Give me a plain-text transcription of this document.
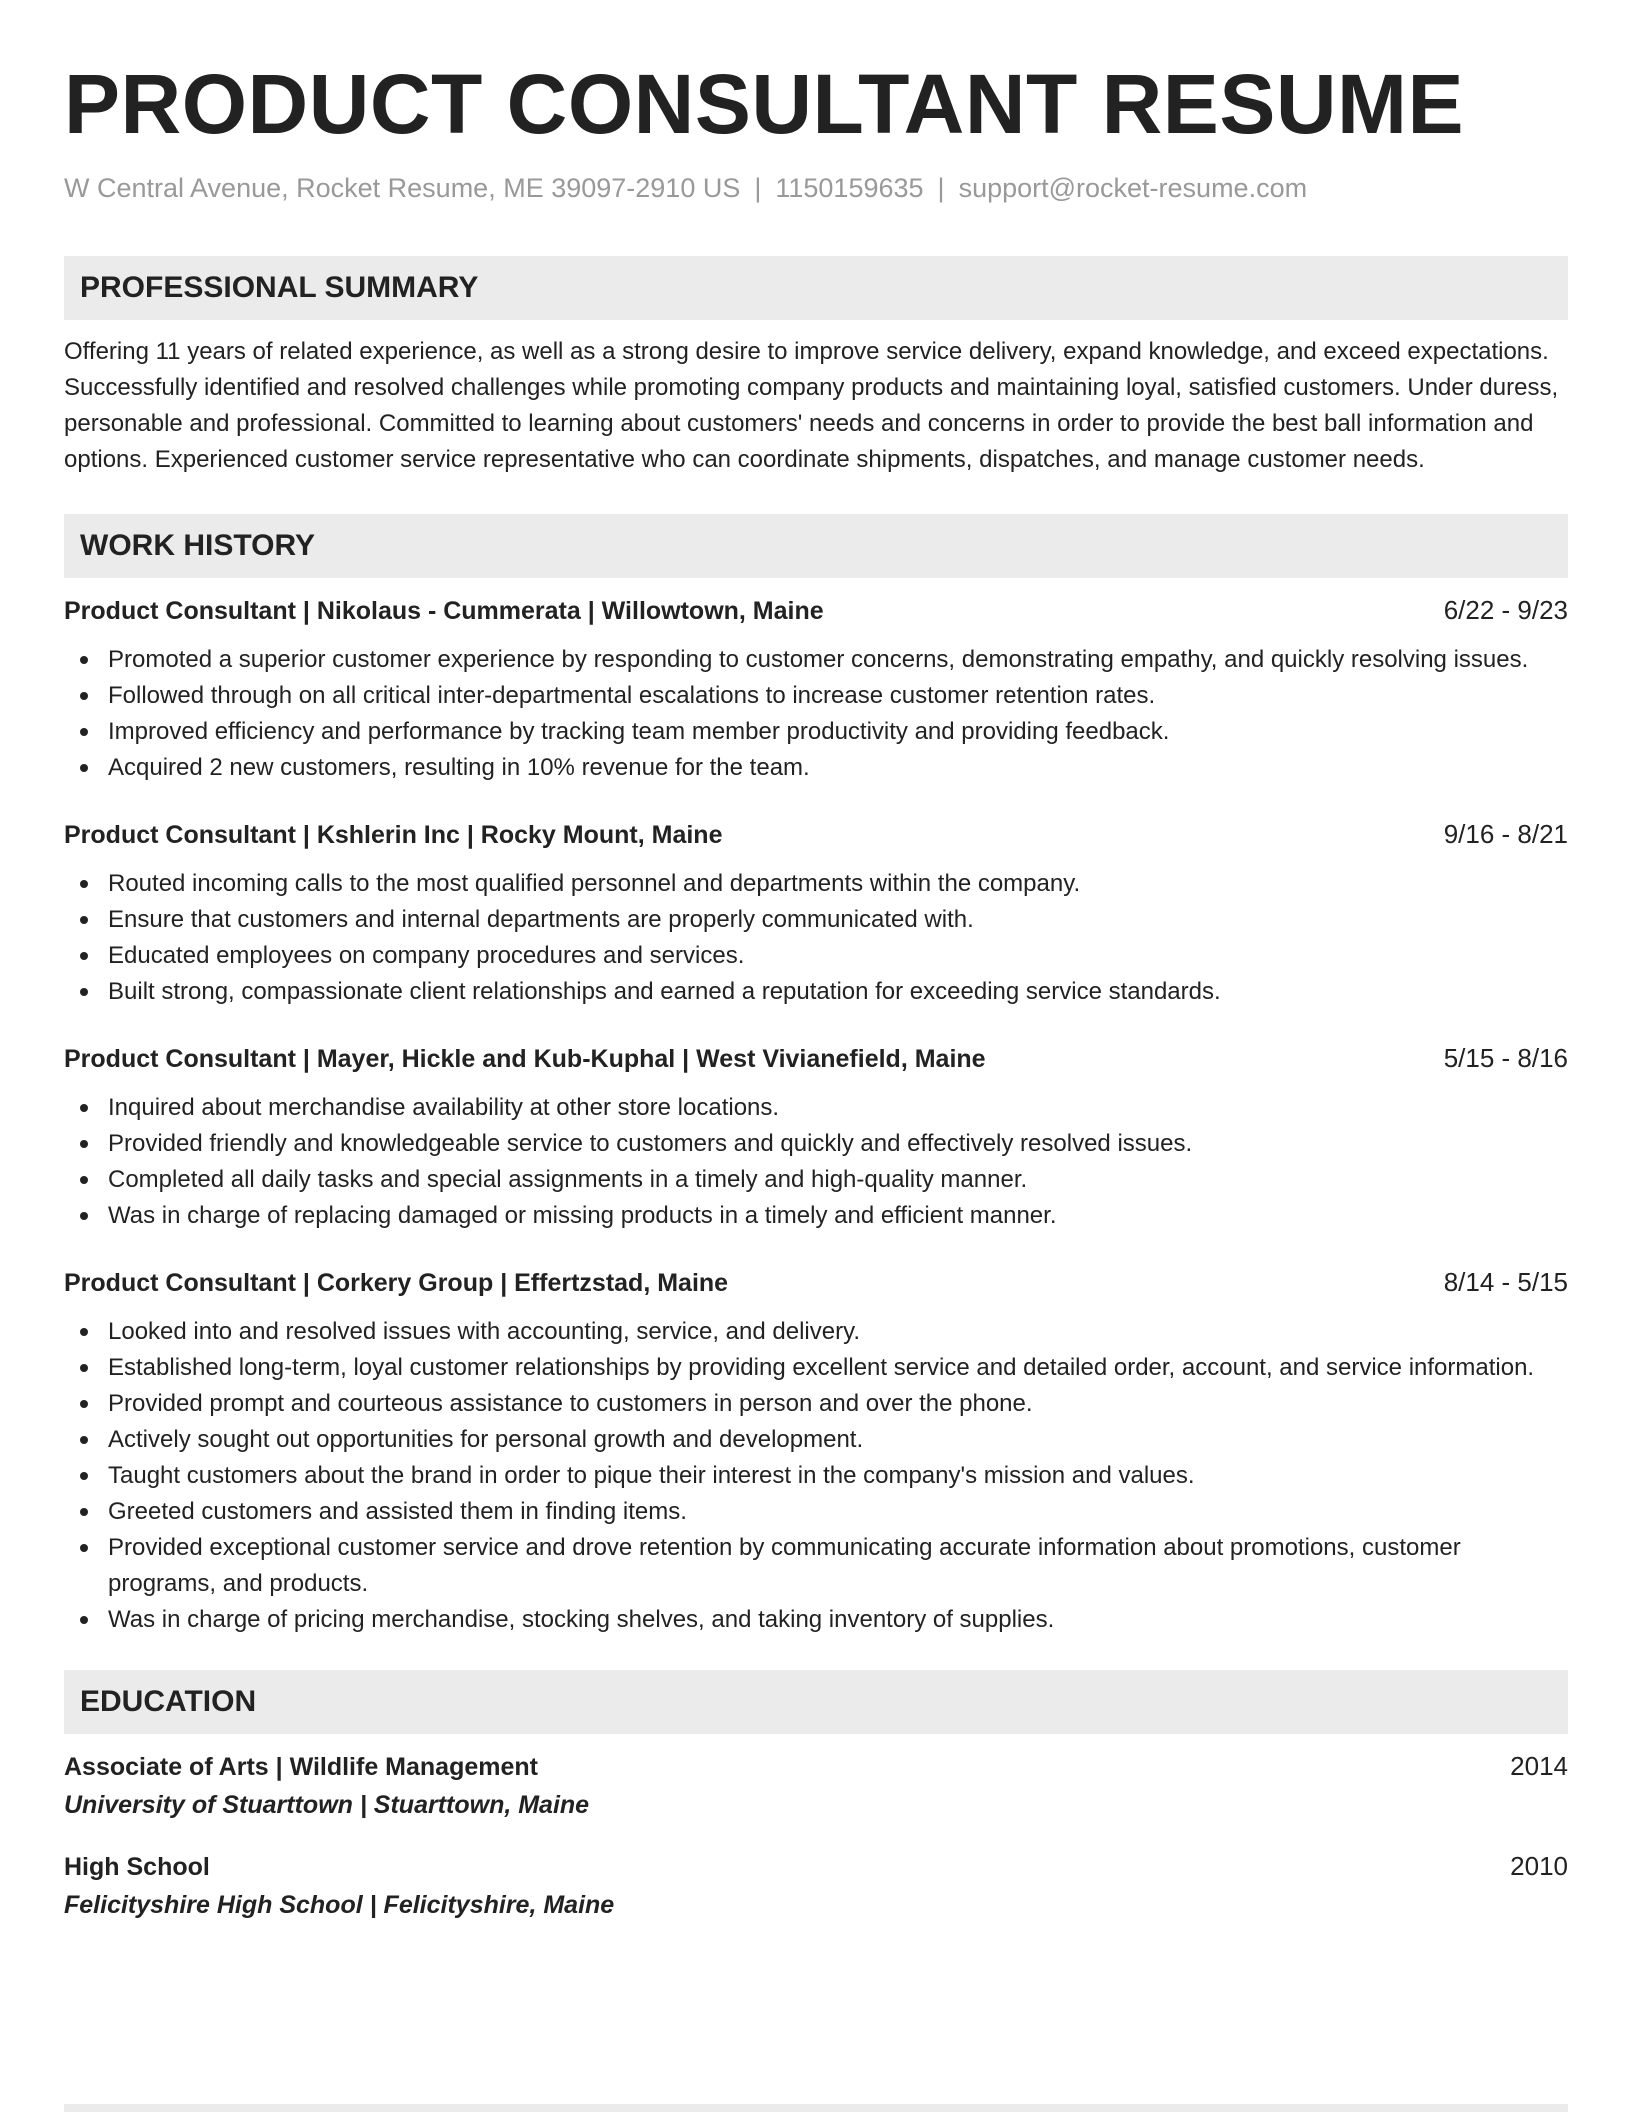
PRODUCT CONSULTANT RESUME
W Central Avenue, Rocket Resume, ME 39097-2910 US | 1150159635 | support@rocket-resume.com
PROFESSIONAL SUMMARY
Offering 11 years of related experience, as well as a strong desire to improve service delivery, expand knowledge, and exceed expectations. Successfully identified and resolved challenges while promoting company products and maintaining loyal, satisfied customers. Under duress, personable and professional. Committed to learning about customers' needs and concerns in order to provide the best ball information and options. Experienced customer service representative who can coordinate shipments, dispatches, and manage customer needs.
WORK HISTORY
Product Consultant | Nikolaus - Cummerata | Willowtown, Maine	6/22 - 9/23
Promoted a superior customer experience by responding to customer concerns, demonstrating empathy, and quickly resolving issues.
Followed through on all critical inter-departmental escalations to increase customer retention rates.
Improved efficiency and performance by tracking team member productivity and providing feedback.
Acquired 2 new customers, resulting in 10% revenue for the team.
Product Consultant | Kshlerin Inc | Rocky Mount, Maine	9/16 - 8/21
Routed incoming calls to the most qualified personnel and departments within the company.
Ensure that customers and internal departments are properly communicated with.
Educated employees on company procedures and services.
Built strong, compassionate client relationships and earned a reputation for exceeding service standards.
Product Consultant | Mayer, Hickle and Kub-Kuphal | West Vivianefield, Maine	5/15 - 8/16
Inquired about merchandise availability at other store locations.
Provided friendly and knowledgeable service to customers and quickly and effectively resolved issues.
Completed all daily tasks and special assignments in a timely and high-quality manner.
Was in charge of replacing damaged or missing products in a timely and efficient manner.
Product Consultant | Corkery Group | Effertzstad, Maine	8/14 - 5/15
Looked into and resolved issues with accounting, service, and delivery.
Established long-term, loyal customer relationships by providing excellent service and detailed order, account, and service information.
Provided prompt and courteous assistance to customers in person and over the phone.
Actively sought out opportunities for personal growth and development.
Taught customers about the brand in order to pique their interest in the company's mission and values.
Greeted customers and assisted them in finding items.
Provided exceptional customer service and drove retention by communicating accurate information about promotions, customer programs, and products.
Was in charge of pricing merchandise, stocking shelves, and taking inventory of supplies.
EDUCATION
Associate of Arts | Wildlife Management	2014
University of Stuarttown | Stuarttown, Maine
High School	2010
Felicityshire High School | Felicityshire, Maine
